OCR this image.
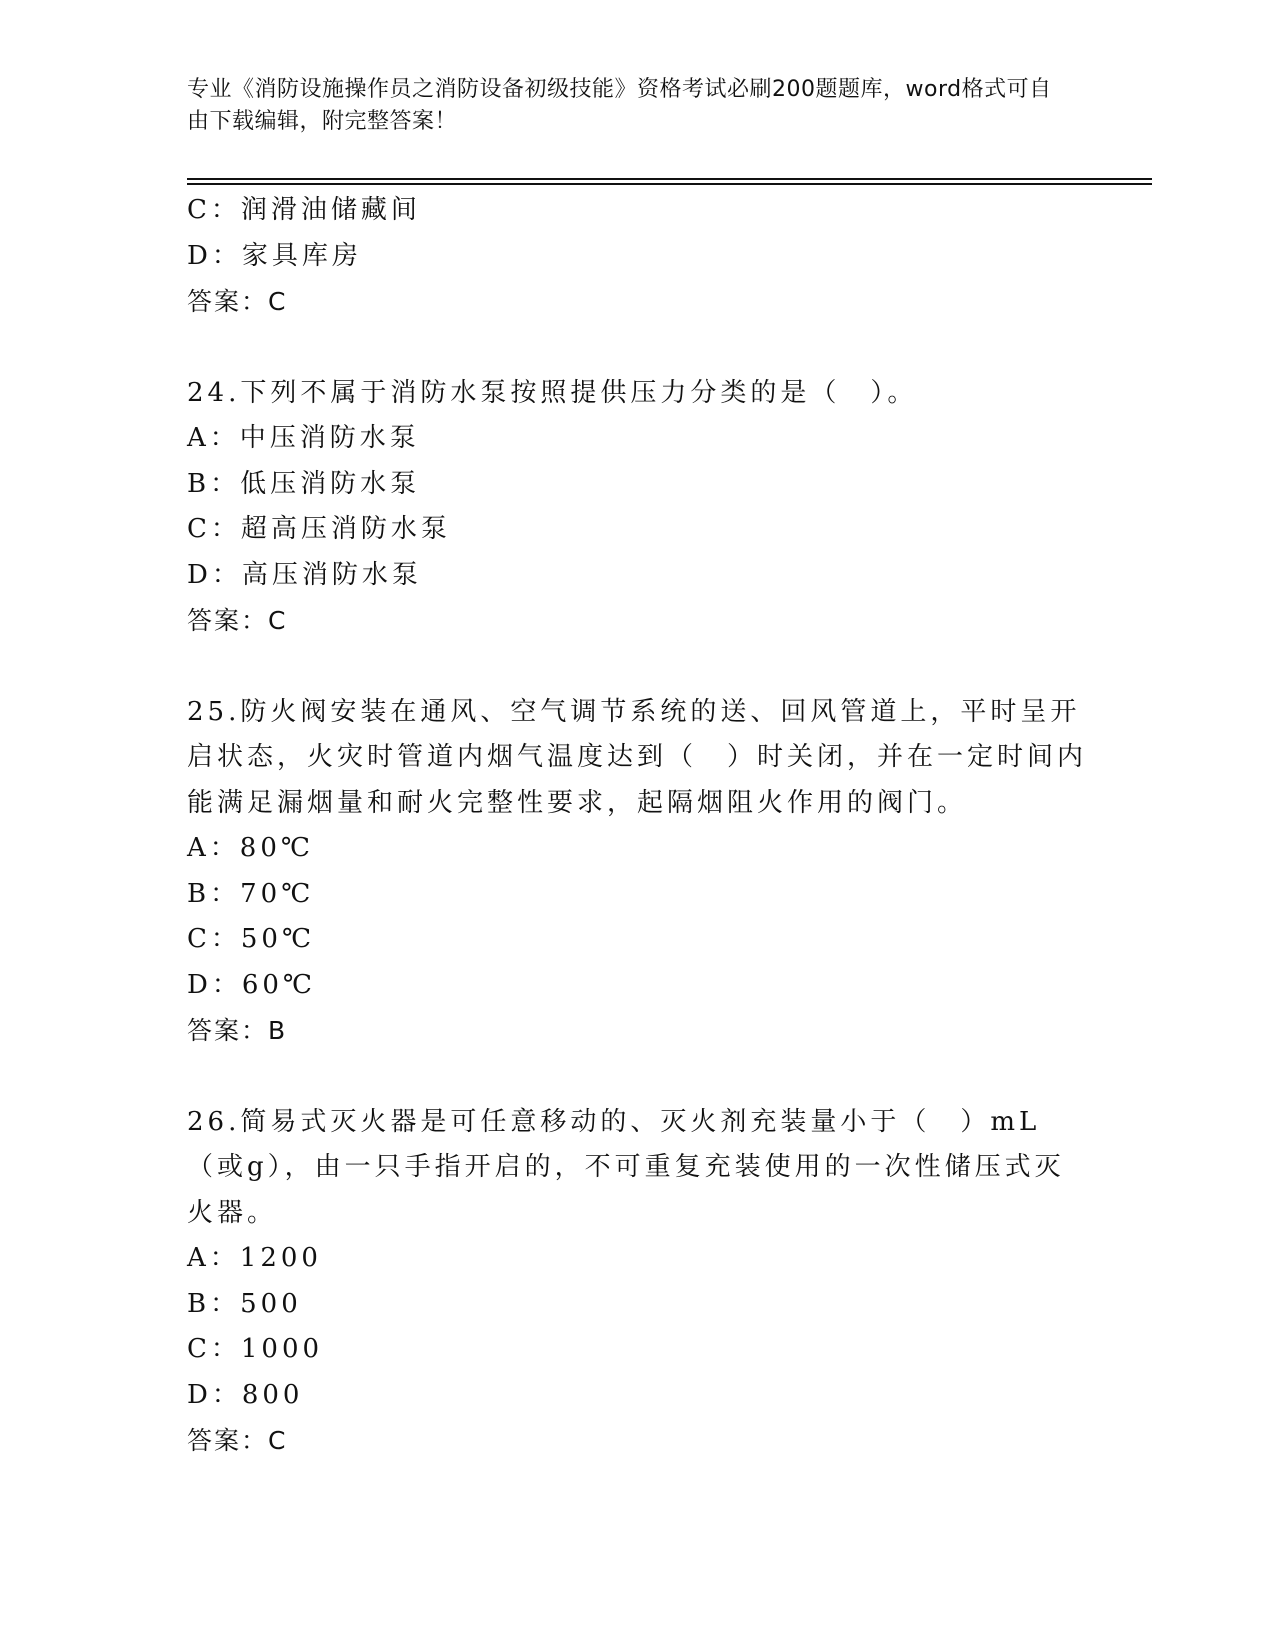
专业《消防设施操作员之消防设备初级技能》资格考试必刷200题题库，word格式可自由下载编辑，附完整答案！
C：润滑油储藏间
D：家具库房
答案：C
24.下列不属于消防水泵按照提供压力分类的是（　）。
A：中压消防水泵
B：低压消防水泵
C：超高压消防水泵
D：高压消防水泵
答案：C
25.防火阀安装在通风、空气调节系统的送、回风管道上，平时呈开启状态，火灾时管道内烟气温度达到（　）时关闭，并在一定时间内能满足漏烟量和耐火完整性要求，起隔烟阻火作用的阀门。
A：80℃
B：70℃
C：50℃
D：60℃
答案：B
26.简易式灭火器是可任意移动的、灭火剂充装量小于（　）mL（或g），由一只手指开启的，不可重复充装使用的一次性储压式灭火器。
A：1200
B：500
C：1000
D：800
答案：C
